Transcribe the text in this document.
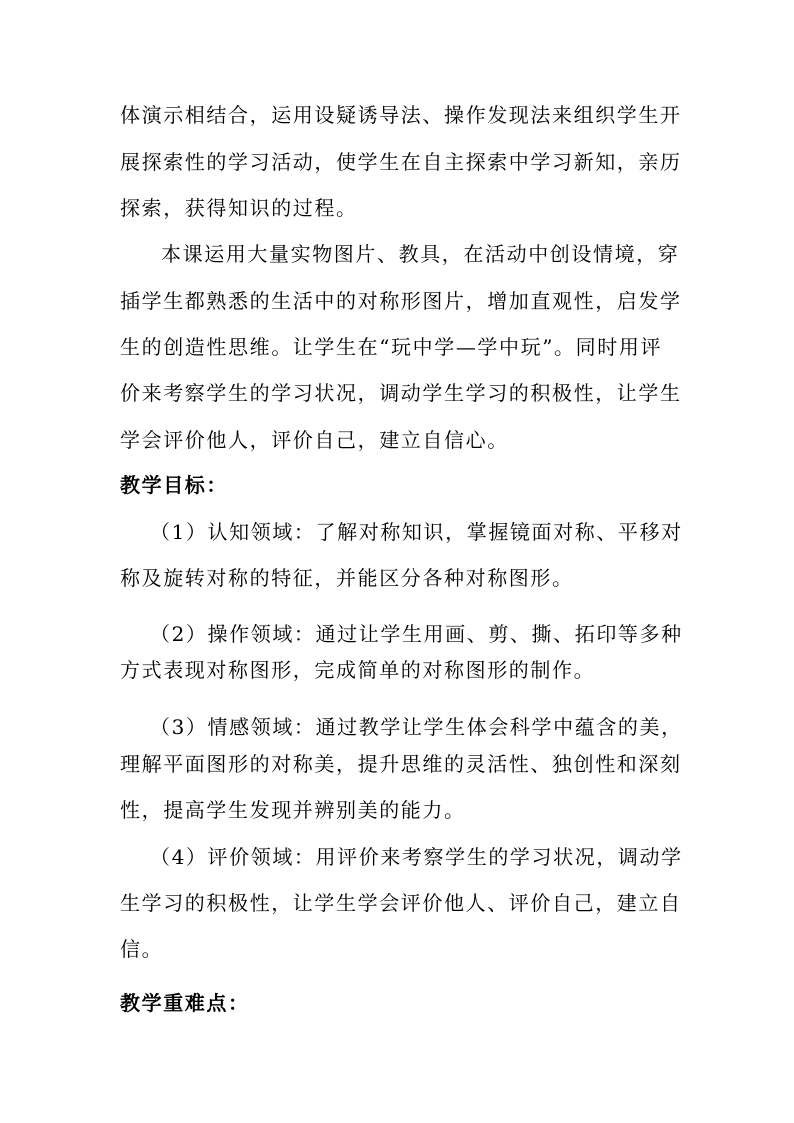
体演示相结合，运用设疑诱导法、操作发现法来组织学生开
展探索性的学习活动，使学生在自主探索中学习新知，亲历
探索，获得知识的过程。
本课运用大量实物图片、教具，在活动中创设情境，穿
插学生都熟悉的生活中的对称形图片，增加直观性，启发学
生的创造性思维。让学生在“玩中学—学中玩”。同时用评
价来考察学生的学习状况，调动学生学习的积极性，让学生
学会评价他人，评价自己，建立自信心。
教学目标：
（1）认知领域：了解对称知识，掌握镜面对称、平移对
称及旋转对称的特征，并能区分各种对称图形。
（2）操作领域：通过让学生用画、剪、撕、拓印等多种
方式表现对称图形，完成简单的对称图形的制作。
（3）情感领域：通过教学让学生体会科学中蕴含的美，
理解平面图形的对称美，提升思维的灵活性、独创性和深刻
性，提高学生发现并辨别美的能力。
（4）评价领域：用评价来考察学生的学习状况，调动学
生学习的积极性，让学生学会评价他人、评价自己，建立自
信。
教学重难点：
